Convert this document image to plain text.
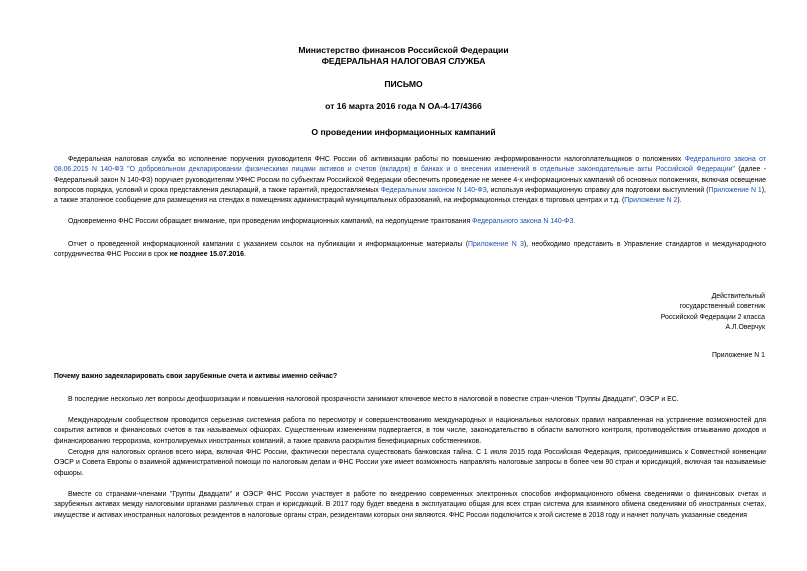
Министерство финансов Российской Федерации
ФЕДЕРАЛЬНАЯ НАЛОГОВАЯ СЛУЖБА
ПИСЬМО
от 16 марта 2016 года N ОА-4-17/4366
О проведении информационных кампаний

Федеральная налоговая служба во исполнение поручения руководителя ФНС России об активизации работы по повышению информированности налогоплательщиков о положениях Федерального закона от 08.06.2015 N 140-ФЗ "О добровольном декларировании физическими лицами активов и счетов (вкладов) в банках и о внесении изменений в отдельные законодательные акты Российской Федерации" (далее - Федеральный закон N 140-ФЗ) поручает руководителям УФНС России по субъектам Российской Федерации обеспечить проведение не менее 4-х информационных кампаний об основных положениях, включая освещение вопросов порядка, условий и срока представления деклараций, а также гарантий, предоставляемых Федеральным законом N 140-ФЗ, используя информационную справку для подготовки выступлений (Приложение N 1), а также эталонное сообщение для размещения на стендах в помещениях администраций муниципальных образований, на информационных стендах в торговых центрах и т.д. (Приложение N 2).

Одновременно ФНС России обращает внимание, при проведении информационных кампаний, на недопущение трактования Федерального закона N 140-ФЗ.

Отчет о проведенной информационной кампании с указанием ссылок на публикации и информационные материалы (Приложение N 3), необходимо представить в Управление стандартов и международного сотрудничества ФНС России в срок не позднее 15.07.2016.

Действительный
государственный советник
Российской Федерации 2 класса
А.Л.Оверчук
Приложение N 1
Почему важно задекларировать свои зарубежные счета и активы именно сейчас?

В последние несколько лет вопросы деофшоризации и повышения налоговой прозрачности занимают ключевое место в налоговой в повестке стран-членов "Группы Двадцати", ОЭСР и ЕС.

Международным сообществом проводится серьезная системная работа по пересмотру и совершенствованию международных и национальных налоговых правил направленная на устранение возможностей для сокрытия активов и финансовых счетов в так называемых офшорах. Существенным изменениям подвергается, в том числе, законодательство в области валютного контроля, противодействия отмыванию доходов и финансированию терроризма, контролируемых иностранных компаний, а также правила раскрытия бенефициарных собственников.

Сегодня для налоговых органов всего мира, включая ФНС России, фактически перестала существовать банковская тайна. С 1 июля 2015 года Российская Федерация, присоединившись к Совместной конвенции ОЭСР и Совета Европы о взаимной административной помощи по налоговым делам и ФНС России уже имеет возможность направлять налоговые запросы в более чем 90 стран и юрисдикций, включая так называемые офшоры.

Вместе со странами-членами "Группы Двадцати" и ОЭСР ФНС России участвует в работе по внедрению современных электронных способов информационного обмена сведениями о финансовых счетах и зарубежных активах между налоговыми органами различных стран и юрисдикций. В 2017 году будет введена в эксплуатацию общая для всех стран система для взаимного обмена сведениями об иностранных счетах, имуществе и активах иностранных налоговых резидентов в налоговые органы стран, резидентами которых они являются. ФНС России подключится к этой системе в 2018 году и начнет получать указанные сведения
